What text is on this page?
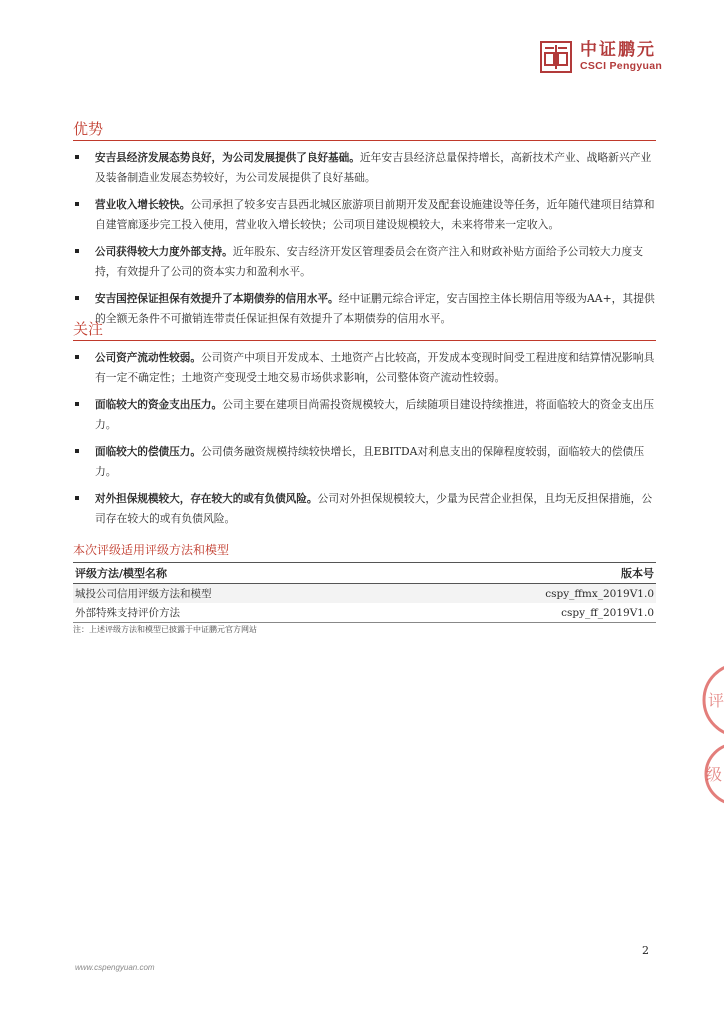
中证鹏元
CSCI Pengyuan
优势
安吉县经济发展态势良好，为公司发展提供了良好基础。近年安吉县经济总量保持增长，高新技术产业、战略新兴产业及装备制造业发展态势较好，为公司发展提供了良好基础。
营业收入增长较快。公司承担了较多安吉县西北城区旅游项目前期开发及配套设施建设等任务，近年随代建项目结算和自建管廊逐步完工投入使用，营业收入增长较快；公司项目建设规模较大，未来将带来一定收入。
公司获得较大力度外部支持。近年股东、安吉经济开发区管理委员会在资产注入和财政补贴方面给予公司较大力度支持，有效提升了公司的资本实力和盈利水平。
安吉国控保证担保有效提升了本期债券的信用水平。经中证鹏元综合评定，安吉国控主体长期信用等级为AA+，其提供的全额无条件不可撤销连带责任保证担保有效提升了本期债券的信用水平。
关注
公司资产流动性较弱。公司资产中项目开发成本、土地资产占比较高，开发成本变现时间受工程进度和结算情况影响具有一定不确定性；土地资产变现受土地交易市场供求影响，公司整体资产流动性较弱。
面临较大的资金支出压力。公司主要在建项目尚需投资规模较大，后续随项目建设持续推进，将面临较大的资金支出压力。
面临较大的偿债压力。公司债务融资规模持续较快增长，且EBITDA对利息支出的保障程度较弱，面临较大的偿债压力。
对外担保规模较大，存在较大的或有负债风险。公司对外担保规模较大，少量为民营企业担保，且均无反担保措施，公司存在较大的或有负债风险。
本次评级适用评级方法和模型
评级方法/模型名称	版本号
城投公司信用评级方法和模型	cspy_ffmx_2019V1.0
外部特殊支持评价方法	cspy_ff_2019V1.0
注：上述评级方法和模型已披露于中证鹏元官方网站
评
级
2
www.cspengyuan.com
